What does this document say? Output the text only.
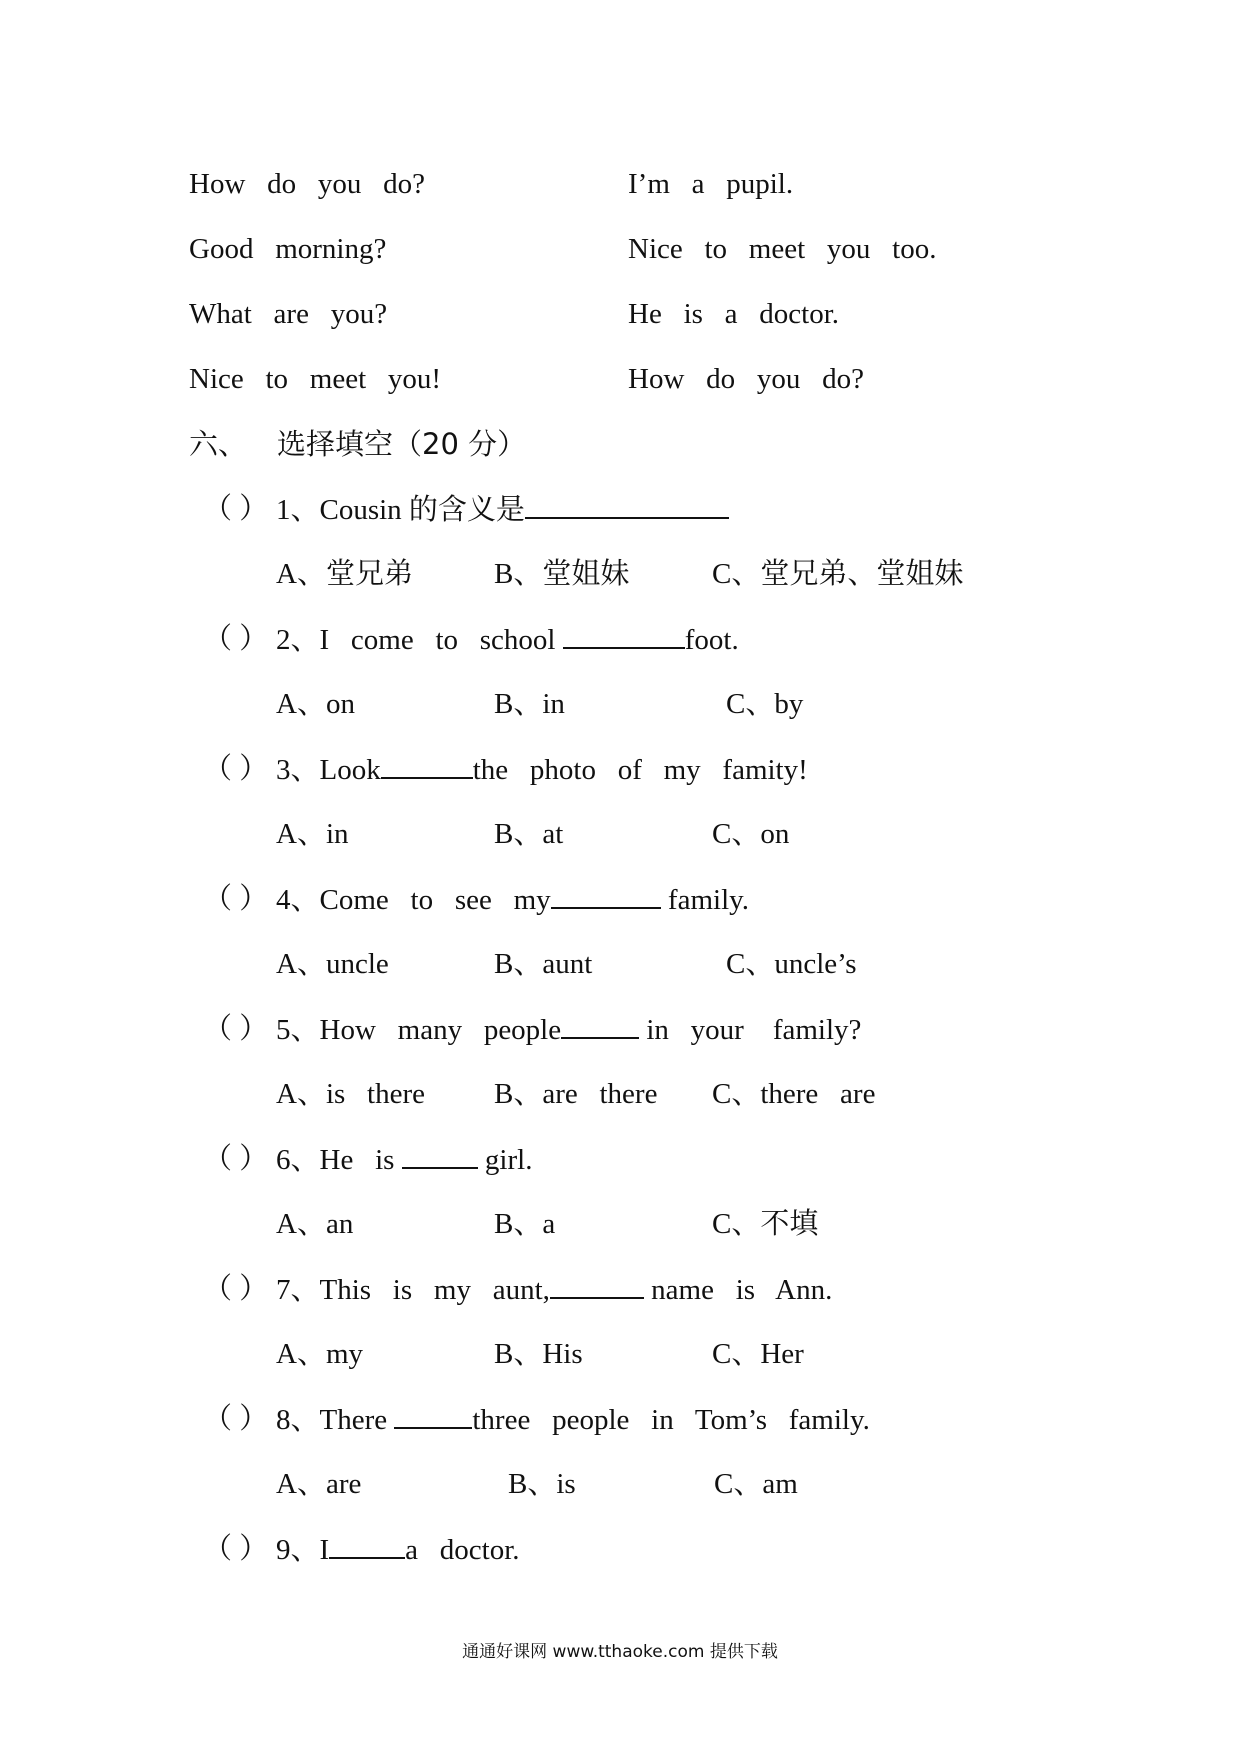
How   do   you   do?	I’m   a   pupil.
Good   morning?	Nice   to   meet   you   too.
What   are   you?	He   is   a   doctor.
Nice   to   meet   you!	How   do   you   do?
六、 选择填空（20 分）
（ ） 1、Cousin 的含义是
A、堂兄弟	B、堂姐妹	C、堂兄弟、堂姐妹
（ ） 2、I   come   to   school	foot.
A、on	B、in	C、by
（ ） 3、Look	the   photo   of   my   famity!
A、in	B、at	C、on
（ ） 4、Come   to   see   my	family.
A、uncle	B、aunt	C、uncle’s
（ ） 5、How   many   people	in   your    family?
A、is   there B、are   there C、there   are
（ ） 6、He   is	girl.
A、an	B、a	C、不填
（ ） 7、This   is   my   aunt,	name   is   Ann.
A、my	B、His	C、Her
（ ） 8、There	three   people   in   Tom’s   family.
A、are	B、is	C、am
（ ） 9、I	a   doctor.
通通好课网 www.tthaoke.com 提供下载
